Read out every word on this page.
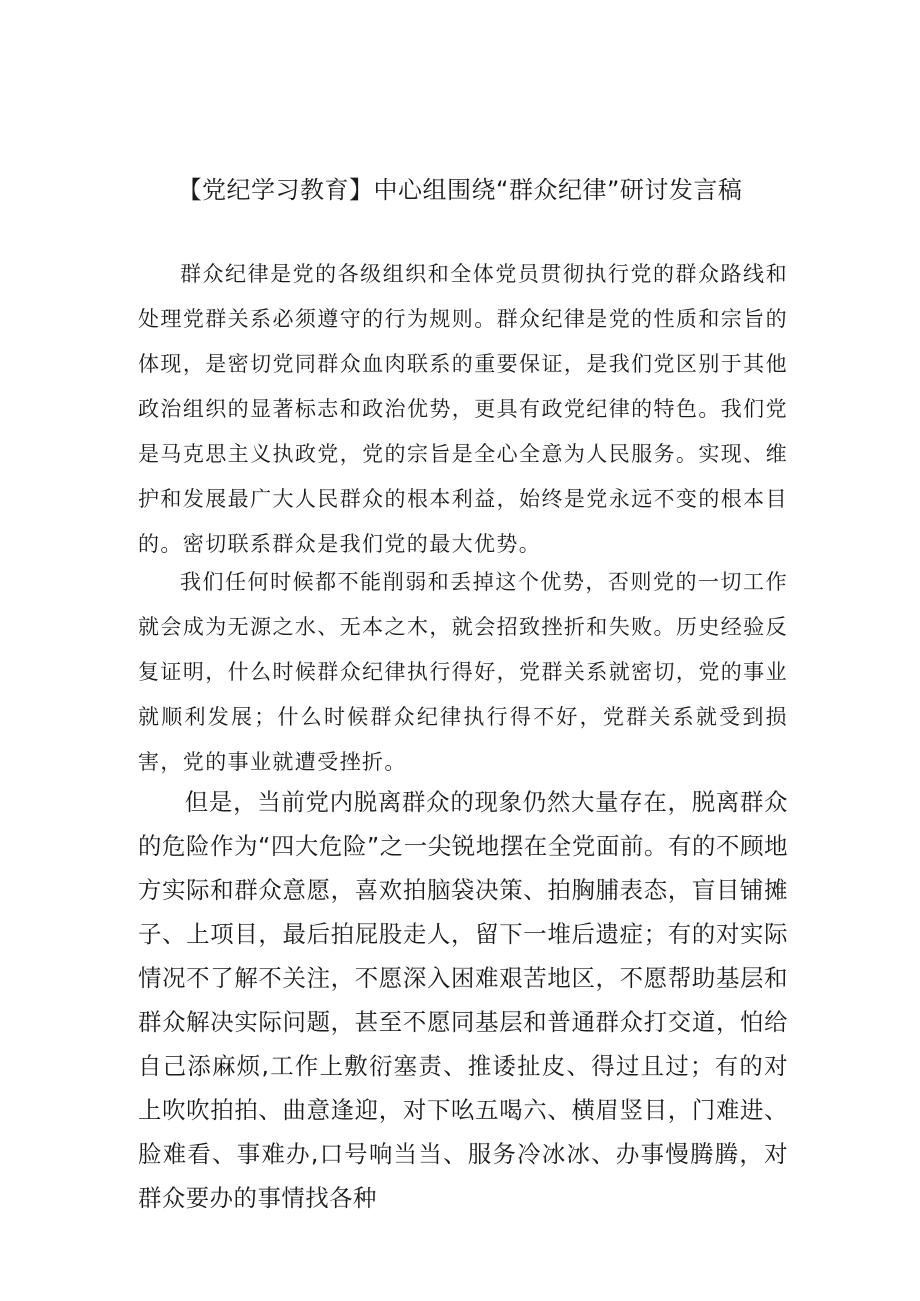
【党纪学习教育】中心组围绕“群众纪律”研讨发言稿

群众纪律是党的各级组织和全体党员贯彻执行党的群众路线和处理党群关系必须遵守的行为规则。群众纪律是党的性质和宗旨的体现，是密切党同群众血肉联系的重要保证，是我们党区别于其他政治组织的显著标志和政治优势，更具有政党纪律的特色。我们党是马克思主义执政党，党的宗旨是全心全意为人民服务。实现、维护和发展最广大人民群众的根本利益，始终是党永远不变的根本目的。密切联系群众是我们党的最大优势。

我们任何时候都不能削弱和丢掉这个优势，否则党的一切工作就会成为无源之水、无本之木，就会招致挫折和失败。历史经验反复证明，什么时候群众纪律执行得好，党群关系就密切，党的事业就顺利发展；什么时候群众纪律执行得不好，党群关系就受到损害，党的事业就遭受挫折。

但是，当前党内脱离群众的现象仍然大量存在，脱离群众的危险作为“四大危险”之一尖锐地摆在全党面前。有的不顾地方实际和群众意愿，喜欢拍脑袋决策、拍胸脯表态，盲目铺摊子、上项目，最后拍屁股走人，留下一堆后遗症；有的对实际情况不了解不关注，不愿深入困难艰苦地区，不愿帮助基层和群众解决实际问题，甚至不愿同基层和普通群众打交道，怕给自己添麻烦,工作上敷衍塞责、推诿扯皮、得过且过；有的对上吹吹拍拍、曲意逢迎，对下吆五喝六、横眉竖目，门难进、脸难看、事难办,口号响当当、服务冷冰冰、办事慢腾腾，对群众要办的事情找各种
